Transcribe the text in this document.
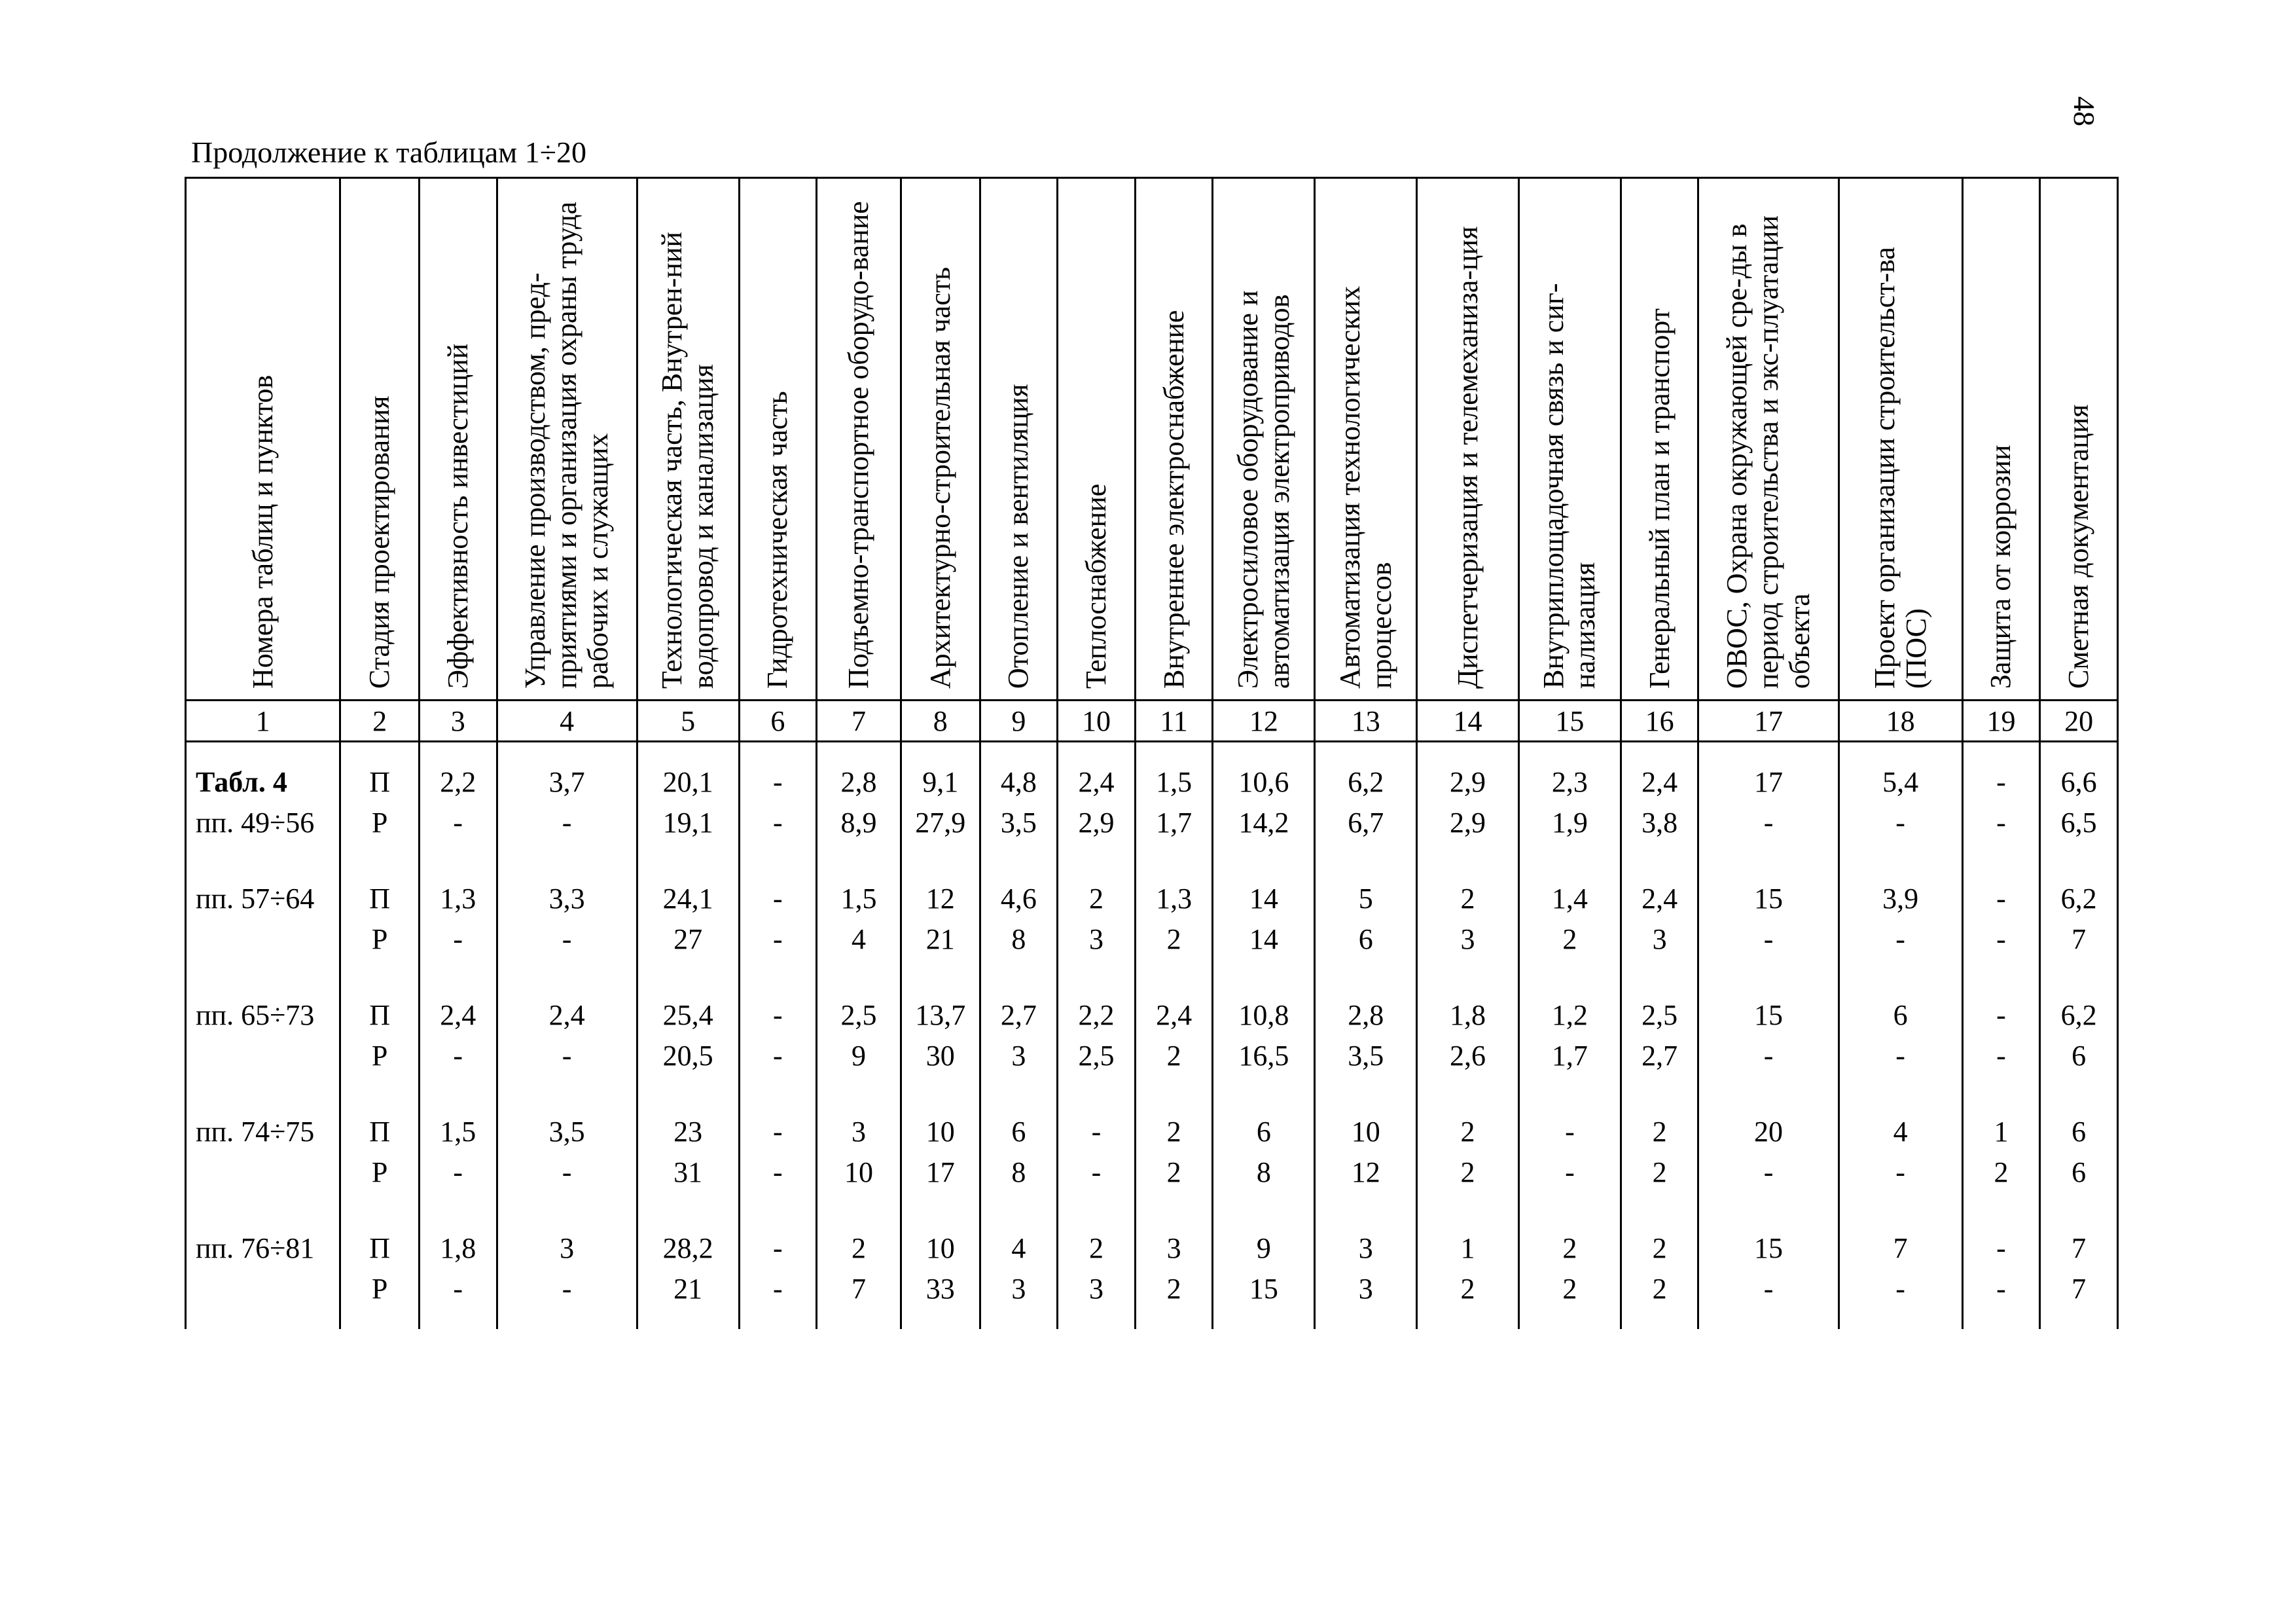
48
Продолжение к таблицам 1÷20
Номера таблиц и пунктов	Стадия проектирования	Эффективность инвестиций	Управление производством, пред-приятиями и организация охраны труда рабочих и служащих	Технологическая часть, Внутрен-ний водопровод и канализация	Гидротехническая часть	Подъемно-транспортное оборудо-вание	Архитектурно-строительная часть	Отопление и вентиляция	Теплоснабжение	Внутреннее электроснабжение	Электросиловое оборудование и автоматизация электроприводов	Автоматизация технологических процессов	Диспетчеризация и телемеханиза-ция	Внутриплощадочная связь и сиг-нализация	Генеральный план и транспорт	ОВОС, Охрана окружающей сре-ды в период строительства и экс-плуатации объекта	Проект организации строительст-ва (ПОС)	Защита от коррозии	Сметная документация

1	2	3	4	5	6	7	8	9	10	11	12	13	14	15	16	17	18	19	20

Табл. 4	П	2,2	3,7	20,1	-	2,8	9,1	4,8	2,4	1,5	10,6	6,2	2,9	2,3	2,4	17	5,4	-	6,6

пп. 49÷56	Р	-	-	19,1	-	8,9	27,9	3,5	2,9	1,7	14,2	6,7	2,9	1,9	3,8	-	-	-	6,5

пп. 57÷64	П	1,3	3,3	24,1	-	1,5	12	4,6	2	1,3	14	5	2	1,4	2,4	15	3,9	-	6,2

	Р	-	-	27	-	4	21	8	3	2	14	6	3	2	3	-	-	-	7

пп. 65÷73	П	2,4	2,4	25,4	-	2,5	13,7	2,7	2,2	2,4	10,8	2,8	1,8	1,2	2,5	15	6	-	6,2

	Р	-	-	20,5	-	9	30	3	2,5	2	16,5	3,5	2,6	1,7	2,7	-	-	-	6

пп. 74÷75	П	1,5	3,5	23	-	3	10	6	-	2	6	10	2	-	2	20	4	1	6

	Р	-	-	31	-	10	17	8	-	2	8	12	2	-	2	-	-	2	6

пп. 76÷81	П	1,8	3	28,2	-	2	10	4	2	3	9	3	1	2	2	15	7	-	7

	Р	-	-	21	-	7	33	3	3	2	15	3	2	2	2	-	-	-	7
